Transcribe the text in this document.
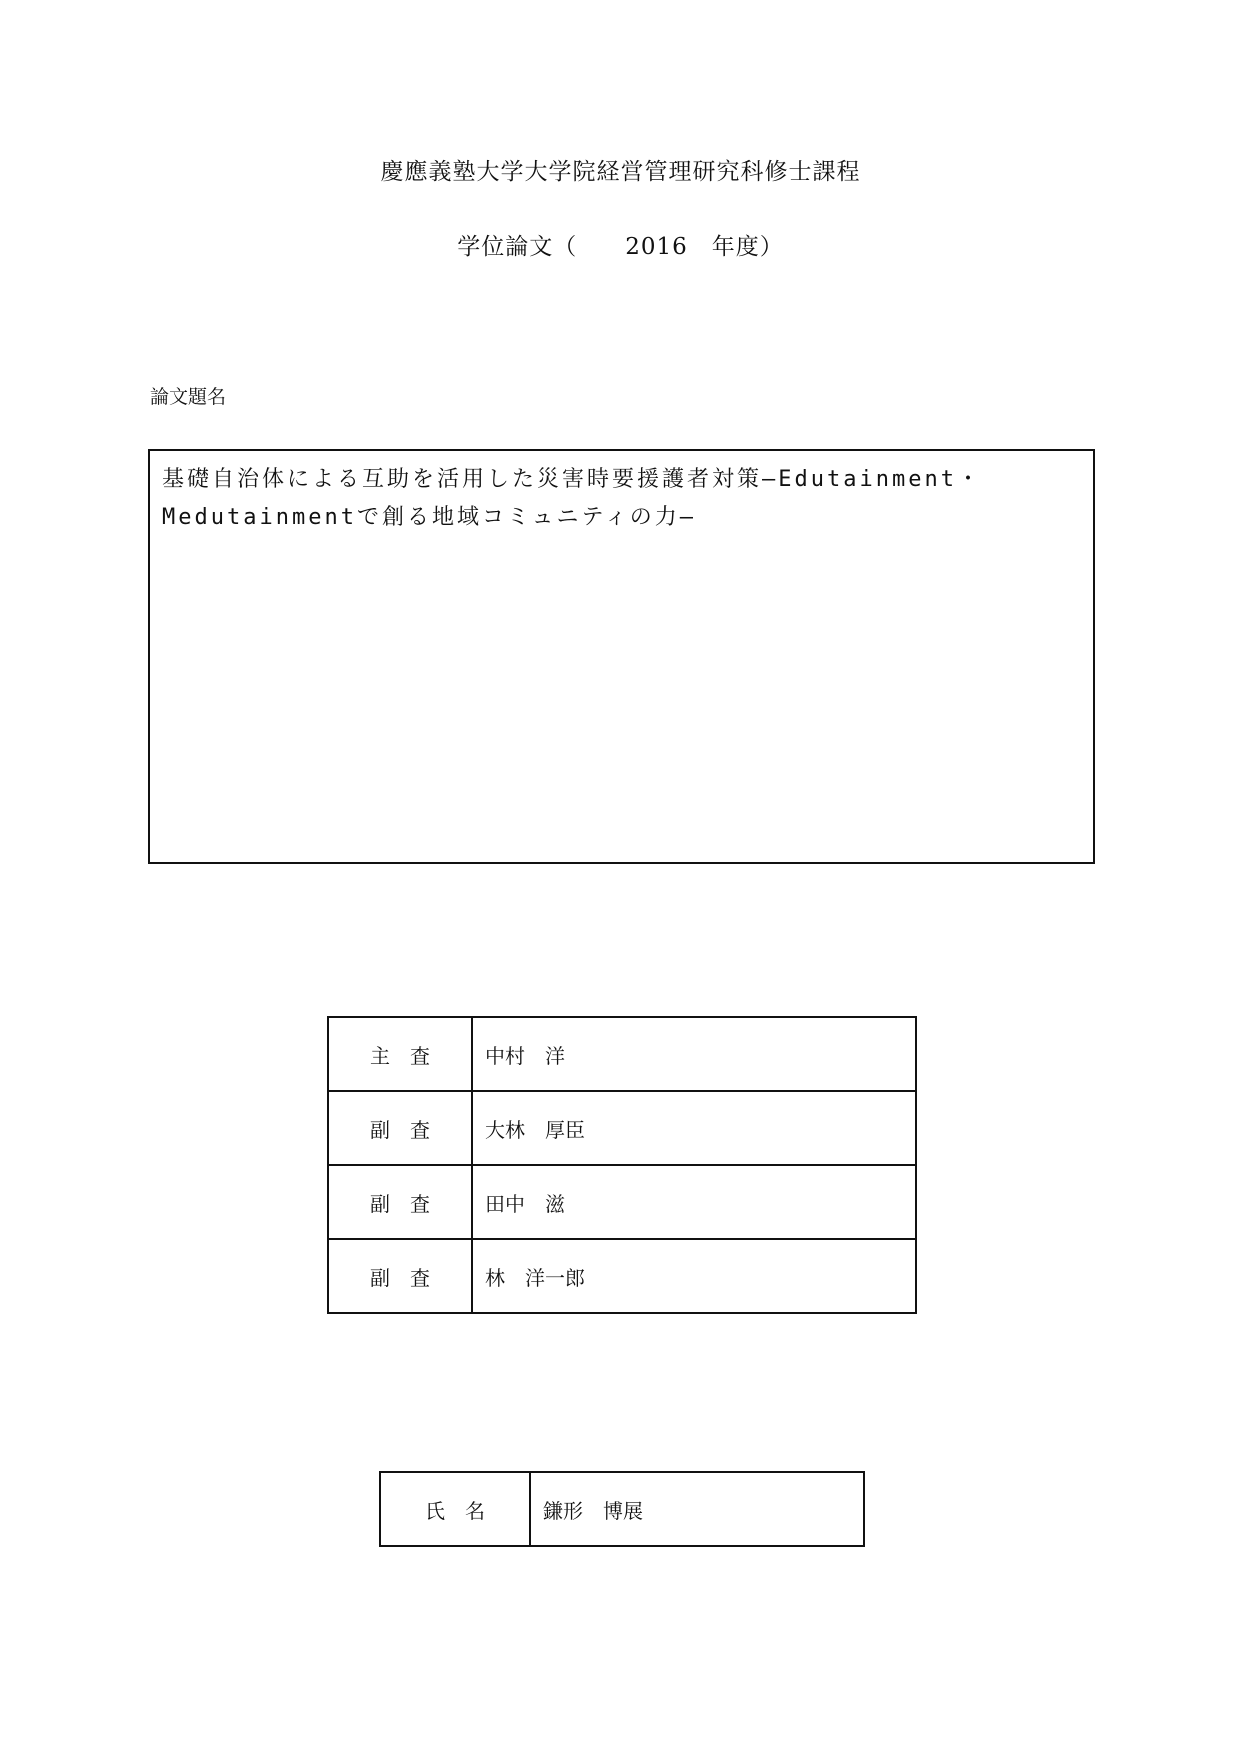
慶應義塾大学大学院経営管理研究科修士課程
学位論文（　　2016　年度）
論文題名
基礎自治体による互助を活用した災害時要援護者対策―Edutainment・
Medutainmentで創る地域コミュニティの力―
主　査	中村　洋
副　査	大林　厚臣
副　査	田中　滋
副　査	林　洋一郎
氏　名	鎌形　博展
